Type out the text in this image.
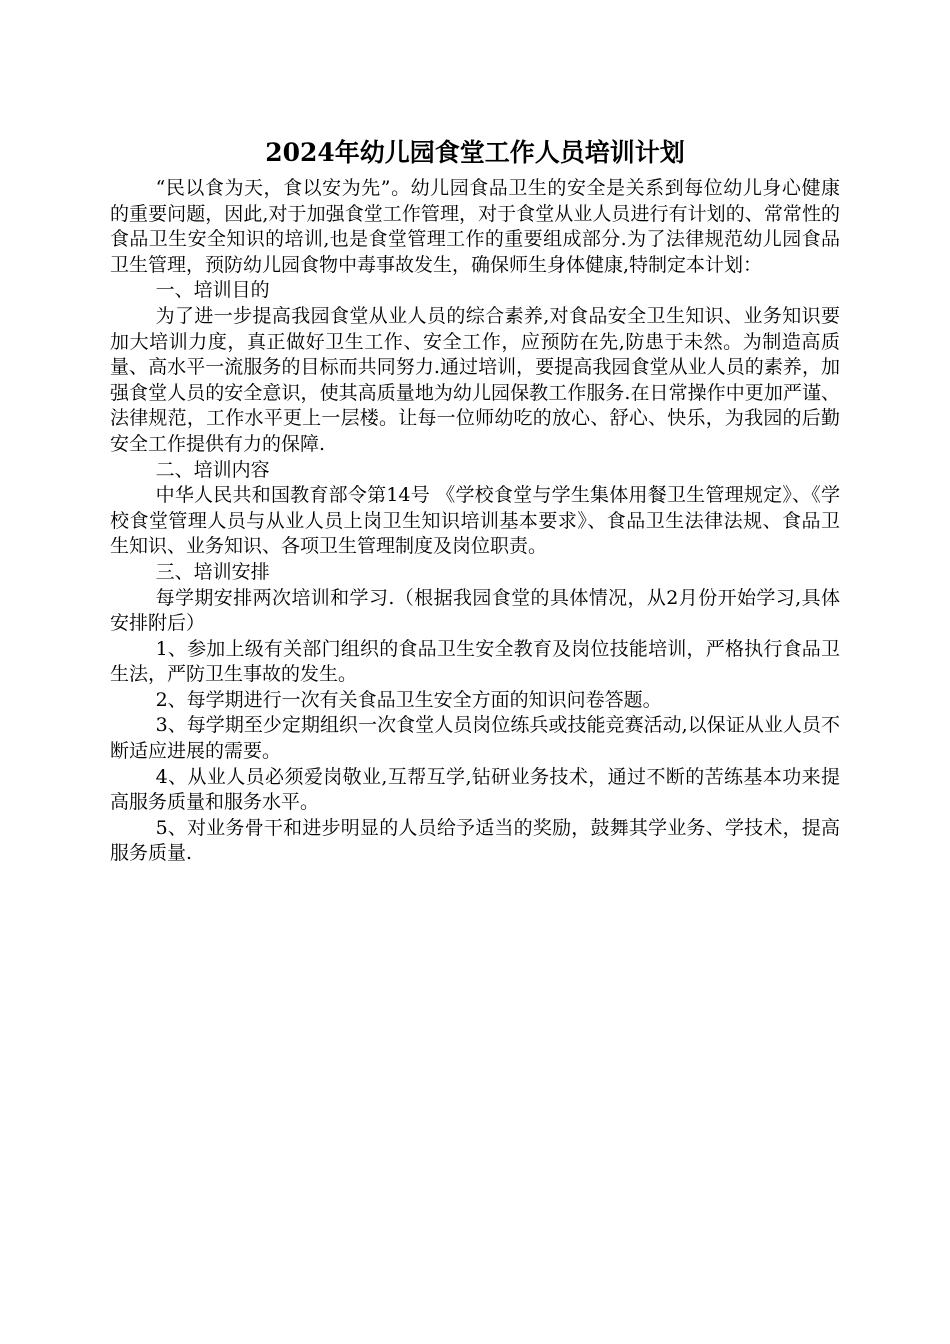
2024年幼儿园食堂工作人员培训计划

“民以食为天，食以安为先”。幼儿园食品卫生的安全是关系到每位幼儿身心健康的重要问题，因此,对于加强食堂工作管理，对于食堂从业人员进行有计划的、常常性的食品卫生安全知识的培训,也是食堂管理工作的重要组成部分.为了法律规范幼儿园食品卫生管理，预防幼儿园食物中毒事故发生，确保师生身体健康,特制定本计划：

一、培训目的

为了进一步提高我园食堂从业人员的综合素养,对食品安全卫生知识、业务知识要加大培训力度，真正做好卫生工作、安全工作，应预防在先,防患于未然。为制造高质量、高水平一流服务的目标而共同努力.通过培训，要提高我园食堂从业人员的素养，加强食堂人员的安全意识，使其高质量地为幼儿园保教工作服务.在日常操作中更加严谨、法律规范，工作水平更上一层楼。让每一位师幼吃的放心、舒心、快乐，为我园的后勤安全工作提供有力的保障.

二、培训内容

中华人民共和国教育部令第14号 《学校食堂与学生集体用餐卫生管理规定》、《学校食堂管理人员与从业人员上岗卫生知识培训基本要求》、食品卫生法律法规、食品卫生知识、业务知识、各项卫生管理制度及岗位职责。

三、培训安排

每学期安排两次培训和学习.（根据我园食堂的具体情况，从2月份开始学习,具体安排附后）

1、参加上级有关部门组织的食品卫生安全教育及岗位技能培训，严格执行食品卫生法，严防卫生事故的发生。

2、每学期进行一次有关食品卫生安全方面的知识问卷答题。

3、每学期至少定期组织一次食堂人员岗位练兵或技能竞赛活动,以保证从业人员不断适应进展的需要。

4、从业人员必须爱岗敬业,互帮互学,钻研业务技术，通过不断的苦练基本功来提高服务质量和服务水平。

5、对业务骨干和进步明显的人员给予适当的奖励，鼓舞其学业务、学技术，提高服务质量.
